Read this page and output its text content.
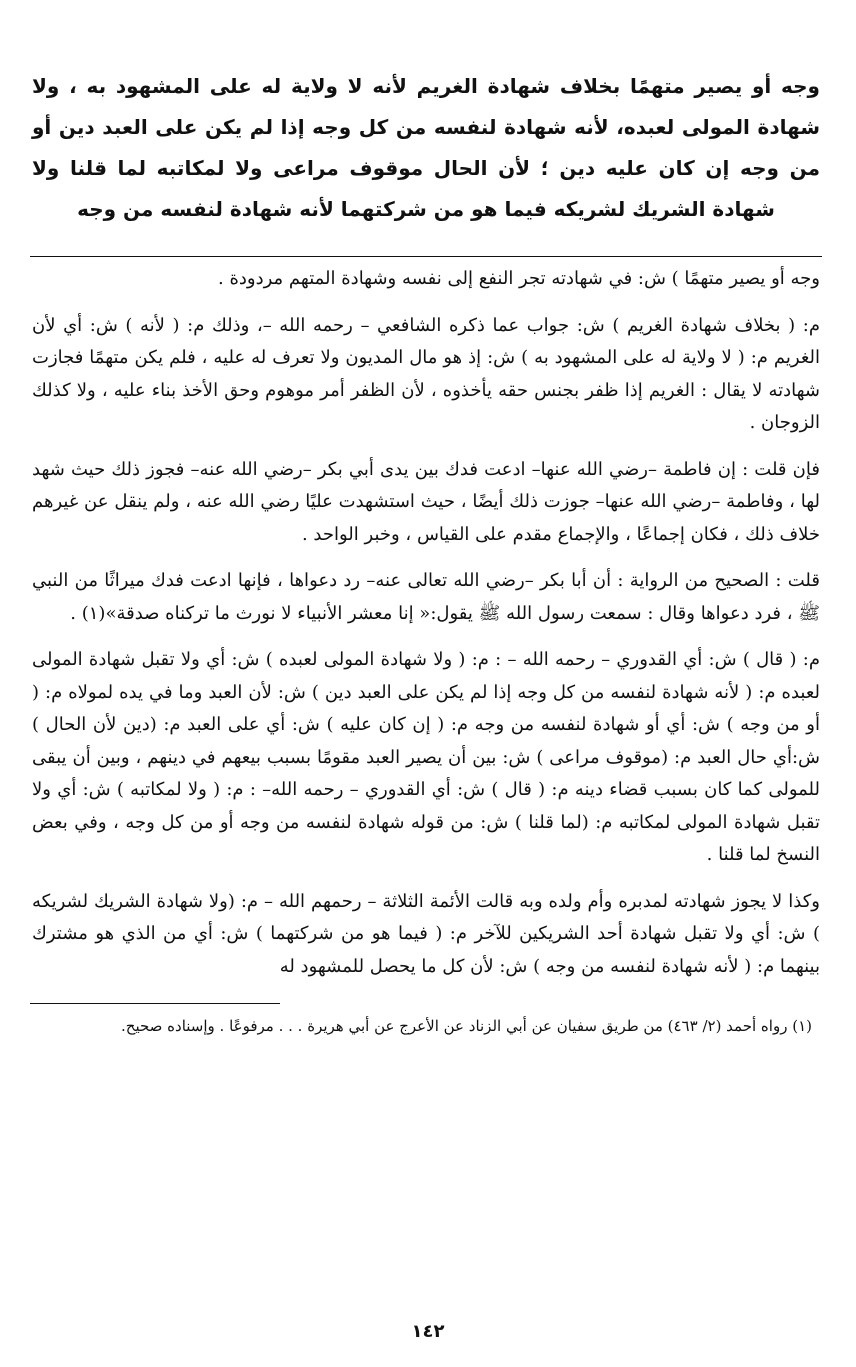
وجه أو يصير متهمًا بخلاف شهادة الغريم لأنه لا ولاية له على المشهود به ، ولا شهادة المولى لعبده، لأنه شهادة لنفسه من كل وجه إذا لم يكن على العبد دين أو من وجه إن كان عليه دين ؛ لأن الحال موقوف مراعى ولا لمكاتبه لما قلنا ولا شهادة الشريك لشريكه فيما هو من شركتهما لأنه شهادة لنفسه من وجه

وجه أو يصير متهمًا ) ش: في شهادته تجر النفع إلى نفسه وشهادة المتهم مردودة .

م: ( بخلاف شهادة الغريم ) ش: جواب عما ذكره الشافعي – رحمه الله –، وذلك م: ( لأنه ) ش: أي لأن الغريم م: ( لا ولاية له على المشهود به ) ش: إذ هو مال المديون ولا تعرف له عليه ، فلم يكن متهمًا فجازت شهادته لا يقال : الغريم إذا ظفر بجنس حقه يأخذوه ، لأن الظفر أمر موهوم وحق الأخذ بناء عليه ، ولا كذلك الزوجان .

فإن قلت : إن فاطمة –رضي الله عنها– ادعت فدك بين يدى أبي بكر –رضي الله عنه– فجوز ذلك حيث شهد لها ، وفاطمة –رضي الله عنها– جوزت ذلك أيضًا ، حيث استشهدت عليًا رضي الله عنه ، ولم ينقل عن غيرهم خلاف ذلك ، فكان إجماعًا ، والإجماع مقدم على القياس ، وخبر الواحد .

قلت : الصحيح من الرواية : أن أبا بكر –رضي الله تعالى عنه– رد دعواها ، فإنها ادعت فدك ميراثًا من النبي ﷺ ، فرد دعواها وقال : سمعت رسول الله ﷺ يقول:« إنا معشر الأنبياء لا نورث ما تركناه صدقة»(١) .

م: ( قال ) ش: أي القدوري – رحمه الله – : م: ( ولا شهادة المولى لعبده ) ش: أي ولا تقبل شهادة المولى لعبده م: ( لأنه شهادة لنفسه من كل وجه إذا لم يكن على العبد دين ) ش: لأن العبد وما في يده لمولاه م: ( أو من وجه ) ش: أي أو شهادة لنفسه من وجه م: ( إن كان عليه ) ش: أي على العبد م: (دين لأن الحال ) ش:أي حال العبد م: (موقوف مراعى ) ش: بين أن يصير العبد مقومًا بسبب بيعهم في دينهم ، وبين أن يبقى للمولى كما كان بسبب قضاء دينه م: ( قال ) ش: أي القدوري – رحمه الله– : م: ( ولا لمكاتبه ) ش: أي ولا تقبل شهادة المولى لمكاتبه م: (لما قلنا ) ش: من قوله شهادة لنفسه من وجه أو من كل وجه ، وفي بعض النسخ لما قلنا .

وكذا لا يجوز شهادته لمدبره وأم ولده وبه قالت الأئمة الثلاثة – رحمهم الله – م: (ولا شهادة الشريك لشريكه ) ش: أي ولا تقبل شهادة أحد الشريكين للآخر م: ( فيما هو من شركتهما ) ش: أي من الذي هو مشترك بينهما م: ( لأنه شهادة لنفسه من وجه ) ش: لأن كل ما يحصل للمشهود له

(١) رواه أحمد (٢/ ٤٦٣) من طريق سفيان عن أبي الزناد عن الأعرج عن أبي هريرة . . . مرفوعًا . وإسناده صحيح.

١٤٢
